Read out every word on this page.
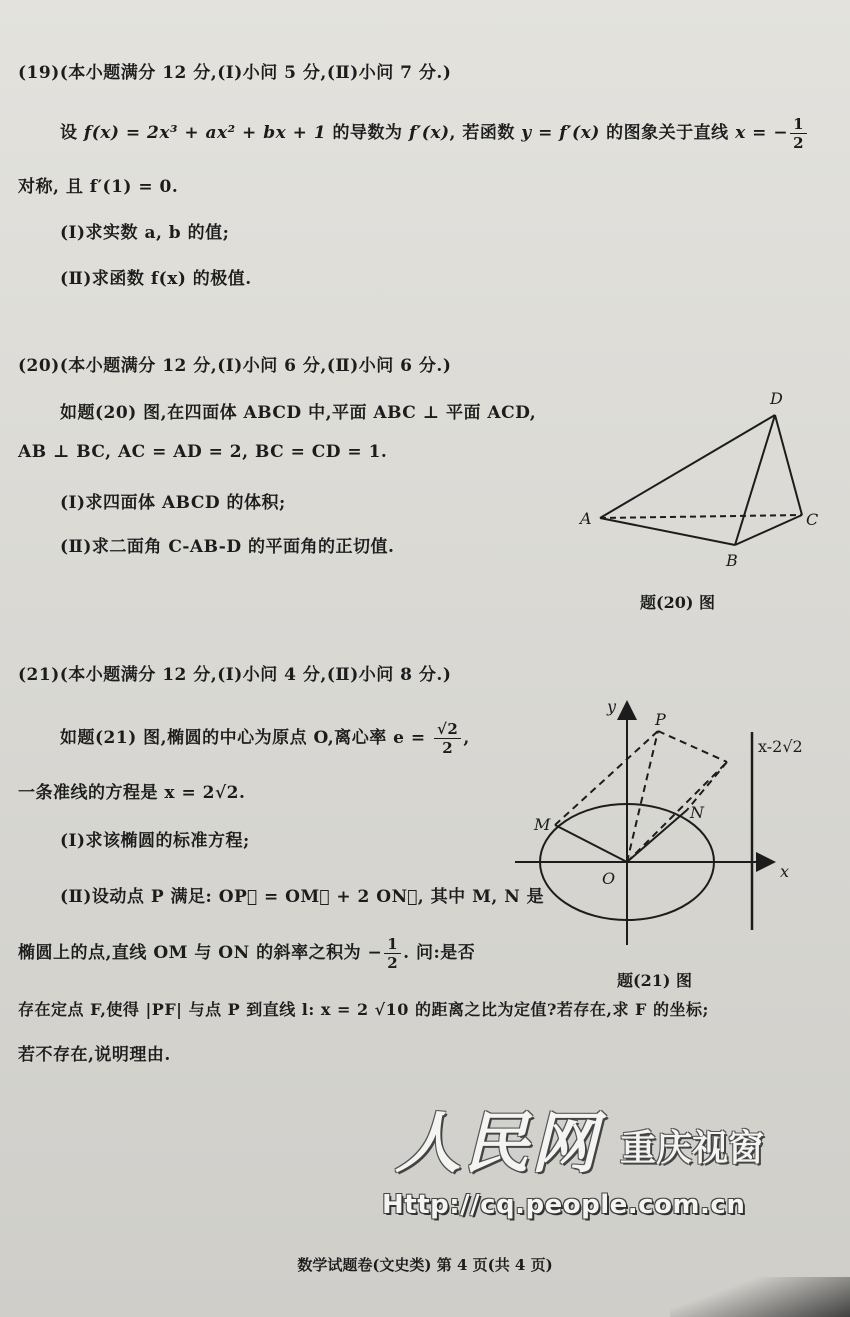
(19)(本小题满分 12 分,(Ⅰ)小问 5 分,(Ⅱ)小问 7 分.)
设 f(x) = 2x³ + ax² + bx + 1 的导数为 f′(x), 若函数 y = f′(x) 的图象关于直线 x = − $\frac{1}{2}$
对称, 且 f′(1) = 0.
(Ⅰ)求实数 a, b 的值;
(Ⅱ)求函数 f(x) 的极值.
(20)(本小题满分 12 分,(Ⅰ)小问 6 分,(Ⅱ)小问 6 分.)
如题(20) 图,在四面体 ABCD 中,平面 ABC ⊥ 平面 ACD,
AB ⊥ BC, AC = AD = 2, BC = CD = 1.
(Ⅰ)求四面体 ABCD 的体积;
(Ⅱ)求二面角 C-AB-D 的平面角的正切值.
A
D
C
B
题(20) 图
(21)(本小题满分 12 分,(Ⅰ)小问 4 分,(Ⅱ)小问 8 分.)
如题(21) 图,椭圆的中心为原点 O,离心率 $e = \frac{√2}{2}$ ,
一条准线的方程是 x = 2√2.
(Ⅰ)求该椭圆的标准方程;
(Ⅱ)设动点 P 满足: OP⃗ = OM⃗ + 2 ON⃗, 其中 M, N 是
椭圆上的点,直线 OM 与 ON 的斜率之积为 − $\frac{1}{2}$ . 问:是否
存在定点 F,使得 |PF| 与点 P 到直线 l: x = 2 √10 的距离之比为定值?若存在,求 F 的坐标;
若不存在,说明理由.
y
x
P
M
N
O
x-2√2
题(21) 图
人民网 重庆视窗
Http://cq.people.com.cn
数学试题卷(文史类) 第 4 页(共 4 页)
